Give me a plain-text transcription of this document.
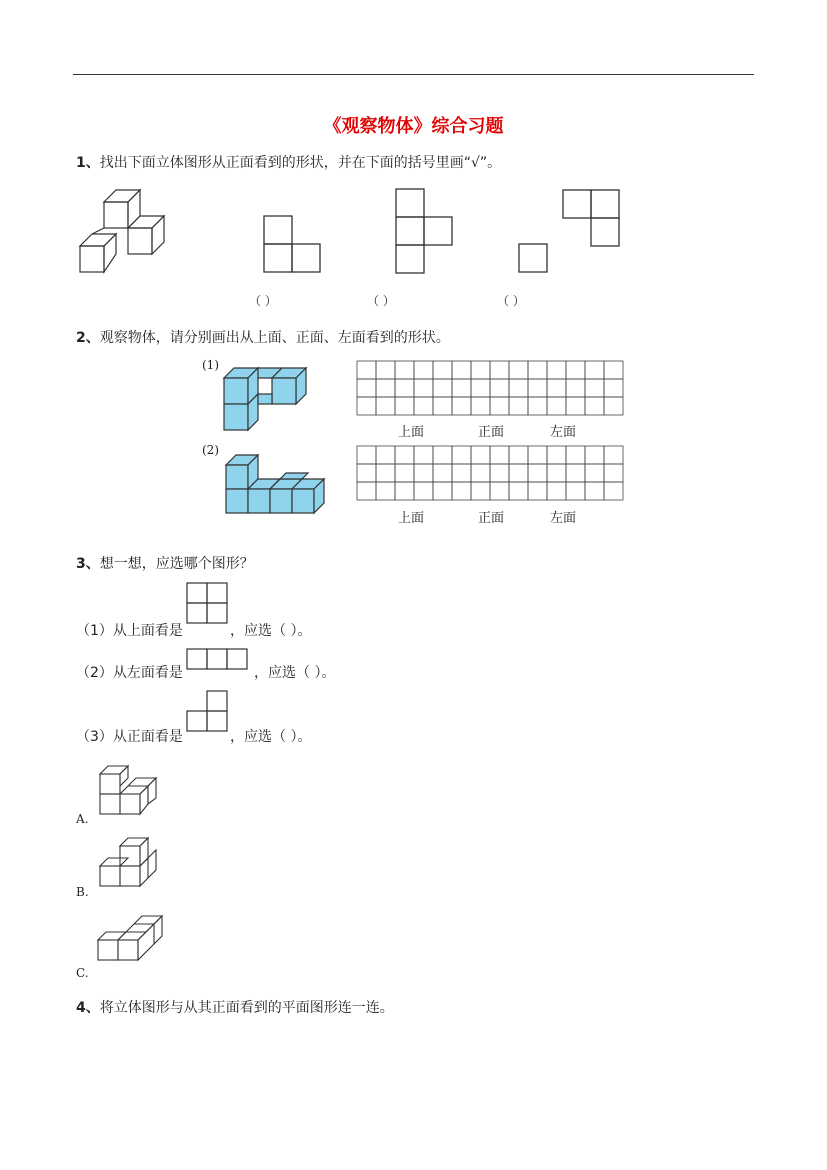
《观察物体》综合习题
1、找出下面立体图形从正面看到的形状，并在下面的括号里画“√”。
（ ）	（ ）	（ ）
2、观察物体，请分别画出从上面、正面、左面看到的形状。
(1)
上面	正面	左面
(2)
上面	正面	左面
3、想一想，应选哪个图形？
（1）从上面看是	，应选（ ）。
（2）从左面看是	，应选（ ）。
（3）从正面看是	，应选（ ）。
A.
B.
C.
4、将立体图形与从其正面看到的平面图形连一连。
